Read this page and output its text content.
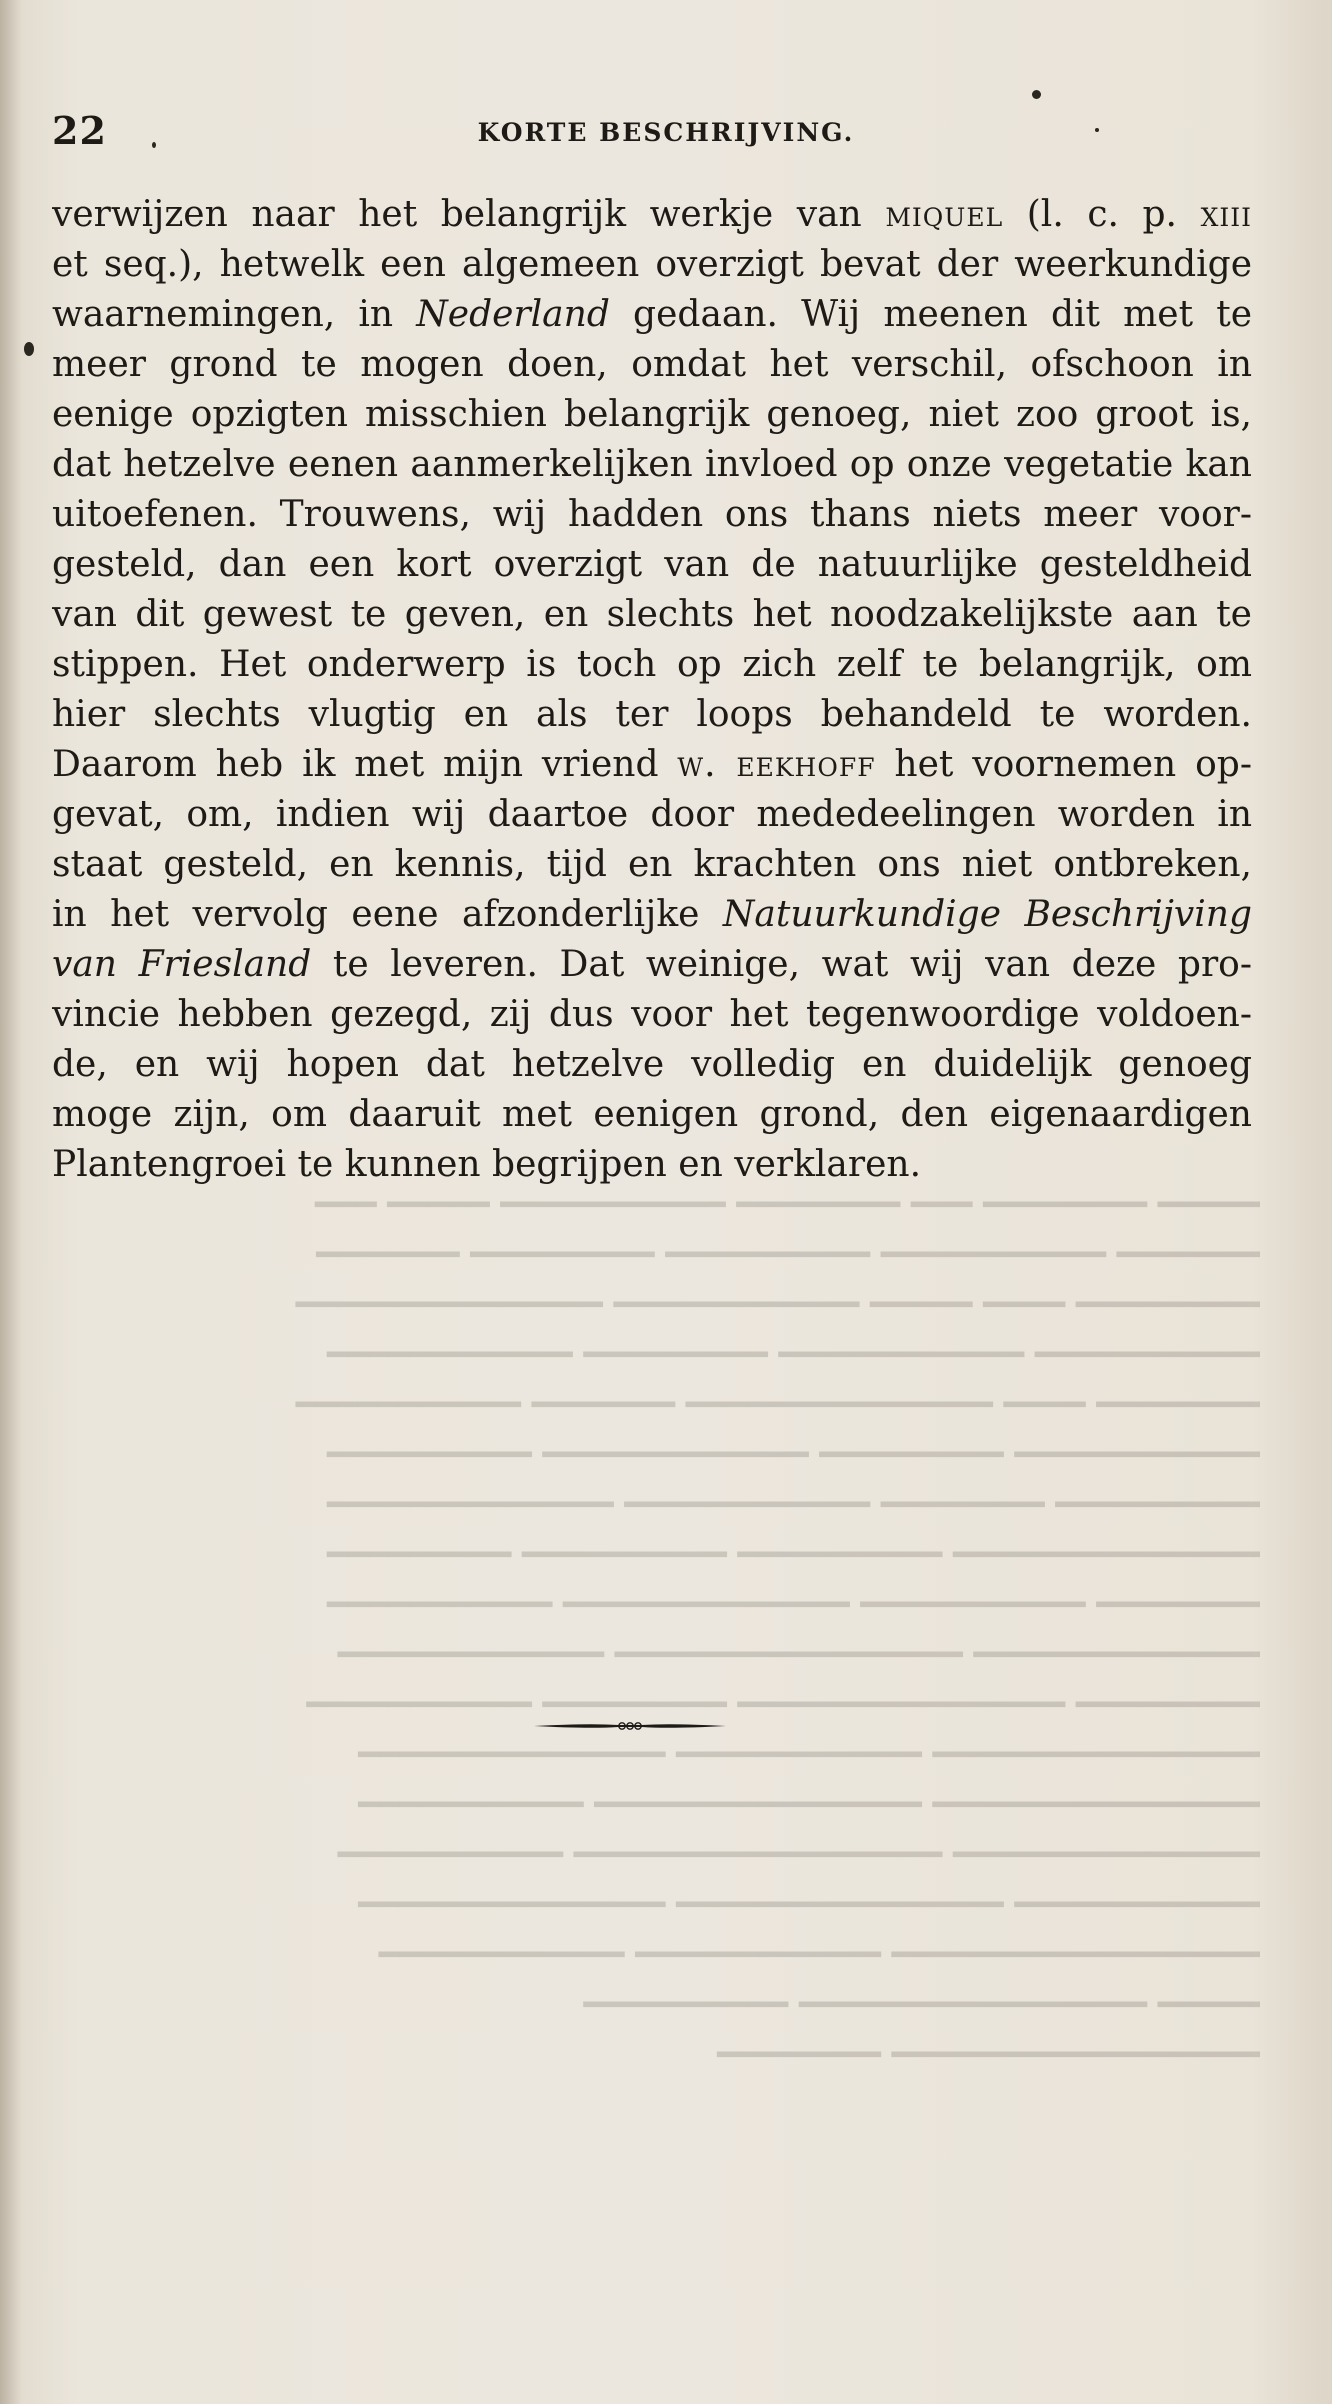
22	KORTE BESCHRIJVING.
verwijzen naar het belangrijk werkje van miquel (l. c. p. xiii
et seq.), hetwelk een algemeen overzigt bevat der weerkundige
waarnemingen, in Nederland gedaan. Wij meenen dit met te
meer grond te mogen doen, omdat het verschil, ofschoon in
eenige opzigten misschien belangrijk genoeg, niet zoo groot is,
dat hetzelve eenen aanmerkelijken invloed op onze vegetatie kan
uitoefenen. Trouwens, wij hadden ons thans niets meer voor-
gesteld, dan een kort overzigt van de natuurlijke gesteldheid
van dit gewest te geven, en slechts het noodzakelijkste aan te
stippen. Het onderwerp is toch op zich zelf te belangrijk, om
hier slechts vlugtig en als ter loops behandeld te worden.
Daarom heb ik met mijn vriend w. eekhoff het voornemen op-
gevat, om, indien wij daartoe door mededeelingen worden in
staat gesteld, en kennis, tijd en krachten ons niet ontbreken,
in het vervolg eene afzonderlijke Natuurkundige Beschrijving
van Friesland te leveren. Dat weinige, wat wij van deze pro-
vincie hebben gezegd, zij dus voor het tegenwoordige voldoen-
de, en wij hopen dat hetzelve volledig en duidelijk genoeg
moge zijn, om daaruit met eenigen grond, den eigenaardigen
Plantengroei te kunnen begrijpen en verklaren.
━━━━━ ━━━━━━━━ ━━━ ━━━━━━━━ ━━━━━━━━━━━ ━━━━━ ━━━
━━━━━━━ ━━━━━━━━━━━ ━━━━━━━━━━ ━━━━━━━━━ ━━━━━━━
━━━━━━━━━ ━━━━ ━━━━━ ━━━━━━━━━━━━ ━━━━━━━━━━━━━━━
━━━━━━━━━━━ ━━━━━━━━━━━━ ━━━━━━━━━ ━━━━━━━━━━━━
━━━━━━━━ ━━━━ ━━━━━━━━━━━━━━━ ━━━━━━━ ━━━━━━━━━━━
━━━━━━━━━━━━ ━━━━━━━━━ ━━━━━━━━━━━━━ ━━━━━━━━━━
━━━━━━━━━━ ━━━━━━━━ ━━━━━━━━━━━━ ━━━━━━━━━━━━━━
━━━━━━━━━━━━━━━ ━━━━━━━━━━ ━━━━━━━━━━ ━━━━━━━━━
━━━━━━━━ ━━━━━━━━━━━ ━━━━━━━━━━━━━━ ━━━━━━━━━━━
━━━━━━━━━━━━━━ ━━━━━━━━━━━━━━━━━ ━━━━━━━━━━━━━
━━━━━━━━━ ━━━━━━━━━━━━━━━━ ━━━━━━━━━ ━━━━━━━━━━━
━━━━━━━━━━━━━━━━ ━━━━━━━━━━━━ ━━━━━━━━━━━━━━━
━━━━━━━━━━━━━━━━ ━━━━━━━━━━━━━━━━ ━━━━━━━━━━━
━━━━━━━━━━━━━━━ ━━━━━━━━━━━━━━━━━━ ━━━━━━━━━━━
━━━━━━━━━━━━ ━━━━━━━━━━━━━━━━ ━━━━━━━━━━━━━━━
━━━━━━━━━━━━━━━━━━ ━━━━━━━━━━━━ ━━━━━━━━━━━━
━━━━━ ━━━━━━━━━━━━━━━━━ ━━━━━━━━━━
━━━━━━━━━━━━━━━━━━ ━━━━━━━━
